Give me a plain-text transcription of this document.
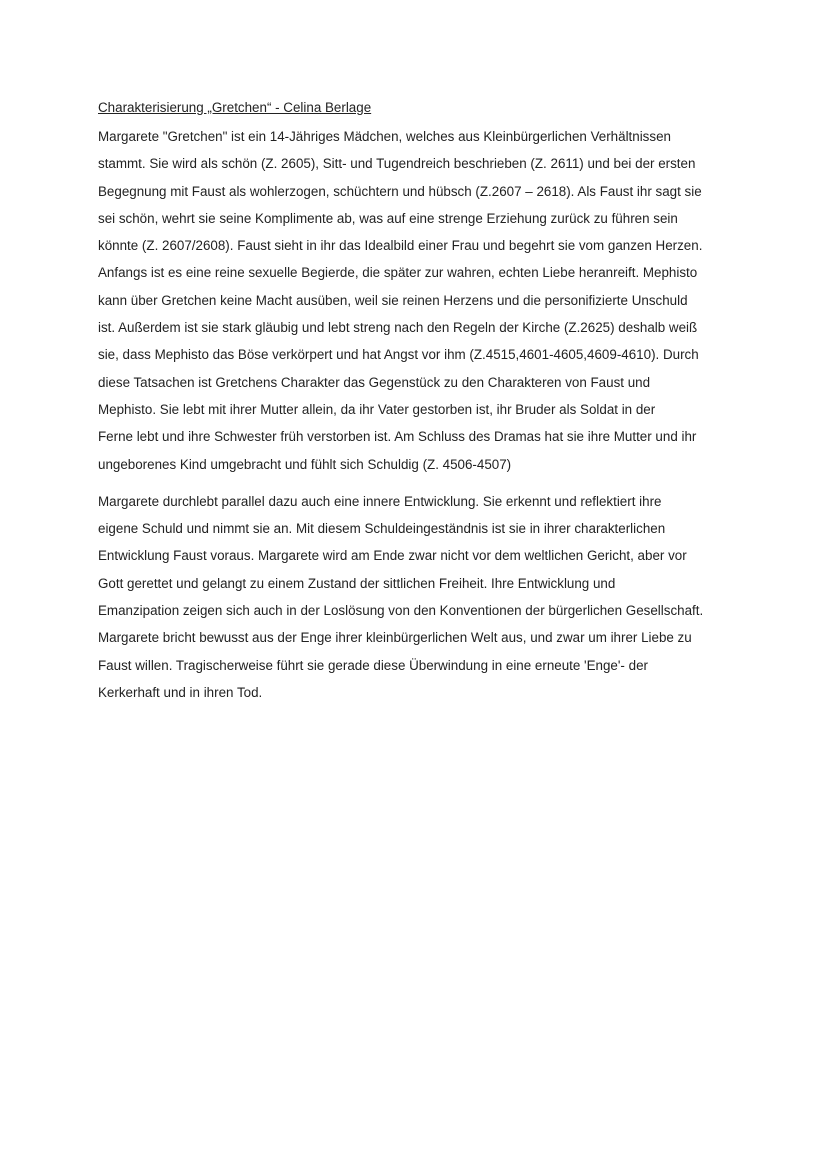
Charakterisierung „Gretchen“ - Celina Berlage
Margarete "Gretchen" ist ein 14-Jähriges Mädchen, welches aus Kleinbürgerlichen Verhältnissen
stammt. Sie wird als schön (Z. 2605), Sitt- und Tugendreich beschrieben (Z. 2611) und bei der ersten
Begegnung mit Faust als wohlerzogen, schüchtern und hübsch (Z.2607 – 2618). Als Faust ihr sagt sie
sei schön, wehrt sie seine Komplimente ab, was auf eine strenge Erziehung zurück zu führen sein
könnte (Z. 2607/2608). Faust sieht in ihr das Idealbild einer Frau und begehrt sie vom ganzen Herzen.
Anfangs ist es eine reine sexuelle Begierde, die später zur wahren, echten Liebe heranreift. Mephisto
kann über Gretchen keine Macht ausüben, weil sie reinen Herzens und die personifizierte Unschuld
ist. Außerdem ist sie stark gläubig und lebt streng nach den Regeln der Kirche (Z.2625) deshalb weiß
sie, dass Mephisto das Böse verkörpert und hat Angst vor ihm (Z.4515,4601-4605,4609-4610). Durch
diese Tatsachen ist Gretchens Charakter das Gegenstück zu den Charakteren von Faust und
Mephisto. Sie lebt mit ihrer Mutter allein, da ihr Vater gestorben ist, ihr Bruder als Soldat in der
Ferne lebt und ihre Schwester früh verstorben ist. Am Schluss des Dramas hat sie ihre Mutter und ihr
ungeborenes Kind umgebracht und fühlt sich Schuldig (Z. 4506-4507)
Margarete durchlebt parallel dazu auch eine innere Entwicklung. Sie erkennt und reflektiert ihre
eigene Schuld und nimmt sie an. Mit diesem Schuldeingeständnis ist sie in ihrer charakterlichen
Entwicklung Faust voraus. Margarete wird am Ende zwar nicht vor dem weltlichen Gericht, aber vor
Gott gerettet und gelangt zu einem Zustand der sittlichen Freiheit. Ihre Entwicklung und
Emanzipation zeigen sich auch in der Loslösung von den Konventionen der bürgerlichen Gesellschaft.
Margarete bricht bewusst aus der Enge ihrer kleinbürgerlichen Welt aus, und zwar um ihrer Liebe zu
Faust willen. Tragischerweise führt sie gerade diese Überwindung in eine erneute 'Enge'- der
Kerkerhaft und in ihren Tod.
